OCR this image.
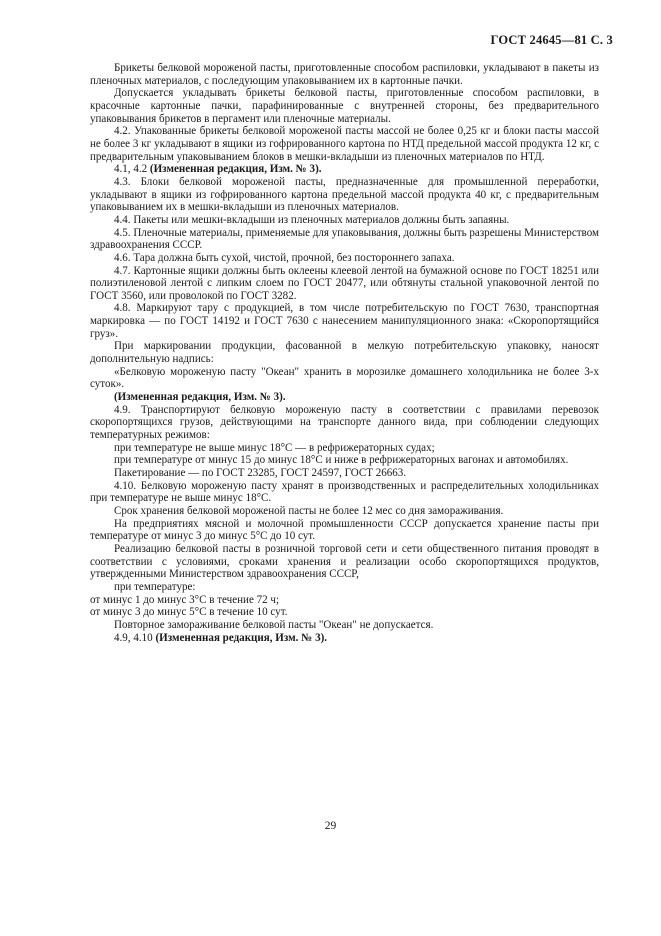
ГОСТ 24645—81 С. 3

Брикеты белковой мороженой пасты, приготовленные способом распиловки, укладывают в пакеты из пленочных материалов, с последующим упаковыванием их в картонные пачки.

Допускается укладывать брикеты белковой пасты, приготовленные способом распиловки, в красочные картонные пачки, парафинированные с внутренней стороны, без предварительного упаковывания брикетов в пергамент или пленочные материалы.

4.2. Упакованные брикеты белковой мороженой пасты массой не более 0,25 кг и блоки пасты массой не более 3 кг укладывают в ящики из гофрированного картона по НТД предельной массой продукта 12 кг, с предварительным упаковыванием блоков в мешки-вкладыши из пленочных материалов по НТД.

4.1, 4.2 (Измененная редакция, Изм. № 3).

4.3. Блоки белковой мороженой пасты, предназначенные для промышленной переработки, укладывают в ящики из гофрированного картона предельной массой продукта 40 кг, с предварительным упаковыванием их в мешки-вкладыши из пленочных материалов.

4.4. Пакеты или мешки-вкладыши из пленочных материалов должны быть запаяны.

4.5. Пленочные материалы, применяемые для упаковывания, должны быть разрешены Министерством здравоохранения СССР.

4.6. Тара должна быть сухой, чистой, прочной, без постороннего запаха.

4.7. Картонные ящики должны быть оклеены клеевой лентой на бумажной основе по ГОСТ 18251 или полиэтиленовой лентой с липким слоем по ГОСТ 20477, или обтянуты стальной упаковочной лентой по ГОСТ 3560, или проволокой по ГОСТ 3282.

4.8. Маркируют тару с продукцией, в том числе потребительскую по ГОСТ 7630, транспортная маркировка — по ГОСТ 14192 и ГОСТ 7630 с нанесением манипуляционного знака: «Скоропортящийся груз».

При маркировании продукции, фасованной в мелкую потребительскую упаковку, наносят дополнительную надпись:

«Белковую мороженую пасту "Океан" хранить в морозилке домашнего холодильника не более 3-х суток».

(Измененная редакция, Изм. № 3).

4.9. Транспортируют белковую мороженую пасту в соответствии с правилами перевозок скоропортящихся грузов, действующими на транспорте данного вида, при соблюдении следующих температурных режимов:

при температуре не выше минус 18°С — в рефрижераторных судах;

при температуре от минус 15 до минус 18°С и ниже в рефрижераторных вагонах и автомобилях.

Пакетирование — по ГОСТ 23285, ГОСТ 24597, ГОСТ 26663.

4.10. Белковую мороженую пасту хранят в производственных и распределительных холодильниках при температуре не выше минус 18°С.

Срок хранения белковой мороженой пасты не более 12 мес со дня замораживания.

На предприятиях мясной и молочной промышленности СССР допускается хранение пасты при температуре от минус 3 до минус 5°С до 10 сут.

Реализацию белковой пасты в розничной торговой сети и сети общественного питания проводят в соответствии с условиями, сроками хранения и реализации особо скоропортящихся продуктов, утвержденными Министерством здравоохранения СССР,

при температуре:

от минус 1 до минус 3°С в течение 72 ч;

от минус 3 до минус 5°С в течение 10 сут.

Повторное замораживание белковой пасты "Океан" не допускается.

4.9, 4.10 (Измененная редакция, Изм. № 3).

29
